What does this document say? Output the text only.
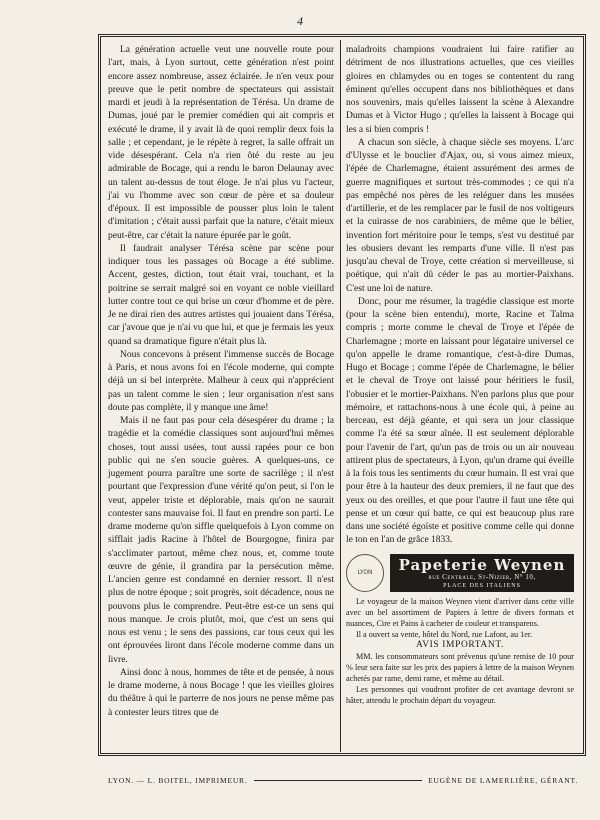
4

La génération actuelle veut une nouvelle route pour l'art, mais, à Lyon surtout, cette génération n'est point encore assez nombreuse, assez éclairée. Je n'en veux pour preuve que le petit nombre de spectateurs qui assistait mardi et jeudi à la représentation de Térésa. Un drame de Dumas, joué par le premier comédien qui ait compris et exécuté le drame, il y avait là de quoi remplir deux fois la salle ; et cependant, je le répète à regret, la salle offrait un vide désespérant. Cela n'a rien ôté du reste au jeu admirable de Bocage, qui a rendu le baron Delaunay avec un talent au-dessus de tout éloge. Je n'ai plus vu l'acteur, j'ai vu l'homme avec son cœur de père et sa douleur d'époux. Il est impossible de pousser plus loin le talent d'imitation ; c'était aussi parfait que la nature, c'était mieux peut-être, car c'était la nature épurée par le goût.

Il faudrait analyser Térésa scène par scène pour indiquer tous les passages où Bocage a été sublime. Accent, gestes, diction, tout était vrai, touchant, et la poitrine se serrait malgré soi en voyant ce noble vieillard lutter contre tout ce qui brise un cœur d'homme et de père. Je ne dirai rien des autres artistes qui jouaient dans Térésa, car j'avoue que je n'ai vu que lui, et que je fermais les yeux quand sa dramatique figure n'était plus là.

Nous concevons à présent l'immense succès de Bocage à Paris, et nous avons foi en l'école moderne, qui compte déjà un si bel interprète. Malheur à ceux qui n'apprécient pas un talent comme le sien ; leur organisation n'est sans doute pas complète, il y manque une âme!

Mais il ne faut pas pour cela désespérer du drame ; la tragédie et la comédie classiques sont aujourd'hui mêmes choses, tout aussi usées, tout aussi rapées pour ce bon public qui ne s'en soucie guères. A quelques-uns, ce jugement pourra paraître une sorte de sacrilège ; il n'est pourtant que l'expression d'une vérité qu'on peut, si l'on le veut, appeler triste et déplorable, mais qu'on ne saurait contester sans mauvaise foi. Il faut en prendre son parti. Le drame moderne qu'on siffle quelquefois à Lyon comme on sifflait jadis Racine à l'hôtel de Bourgogne, finira par s'acclimater partout, même chez nous, et, comme toute œuvre de génie, il grandira par la persécution même. L'ancien genre est condamné en dernier ressort. Il n'est plus de notre époque ; soit progrès, soit décadence, nous ne pouvons plus le comprendre. Peut-être est-ce un sens qui nous manque. Je crois plutôt, moi, que c'est un sens qui nous est venu ; le sens des passions, car tous ceux qui les ont éprouvées liront dans l'école moderne comme dans un livre.

Ainsi donc à nous, hommes de tête et de pensée, à nous le drame moderne, à nous Bocage ! que les vieilles gloires du théâtre à qui le parterre de nos jours ne pense même pas à contester leurs titres que de

maladroits champions voudraient lui faire ratifier au détriment de nos illustrations actuelles, que ces vieilles gloires en chlamydes ou en toges se contentent du rang éminent qu'elles occupent dans nos bibliothèques et dans nos souvenirs, mais qu'elles laissent la scène à Alexandre Dumas et à Victor Hugo ; qu'elles la laissent à Bocage qui les a si bien compris !

A chacun son siècle, à chaque siècle ses moyens. L'arc d'Ulysse et le bouclier d'Ajax, ou, si vous aimez mieux, l'épée de Charlemagne, étaient assurément des armes de guerre magnifiques et surtout très-commodes ; ce qui n'a pas empêché nos pères de les reléguer dans les musées d'artillerie, et de les remplacer par le fusil de nos voltigeurs et la cuirasse de nos carabiniers, de même que le bélier, invention fort méritoire pour le temps, s'est vu destitué par les obusiers devant les remparts d'une ville. Il n'est pas jusqu'au cheval de Troye, cette création si merveilleuse, si poétique, qui n'ait dû céder le pas au mortier-Paixhans. C'est une loi de nature.

Donc, pour me résumer, la tragédie classique est morte (pour la scène bien entendu), morte, Racine et Talma compris ; morte comme le cheval de Troye et l'épée de Charlemagne ; morte en laissant pour légataire universel ce qu'on appelle le drame romantique, c'est-à-dire Dumas, Hugo et Bocage ; comme l'épée de Charlemagne, le bélier et le cheval de Troye ont laissé pour héritiers le fusil, l'obusier et le mortier-Paixhans. N'en parlons plus que pour mémoire, et rattachons-nous à une école qui, à peine au berceau, est déjà géante, et qui sera un jour classique comme l'a été sa sœur aînée. Il est seulement déplorable pour l'avenir de l'art, qu'un pas de trois ou un air nouveau attirent plus de spectateurs, à Lyon, qu'un drame qui éveille à la fois tous les sentiments du cœur humain. Il est vrai que pour être à la hauteur des deux premiers, il ne faut que des yeux ou des oreilles, et que pour l'autre il faut une tête qui pense et un cœur qui batte, ce qui est beaucoup plus rare dans une société égoïste et positive comme celle qui donne le ton en l'an de grâce 1833.

LYON	Papeterie Weynen
rue Centrale, St-Nizier, N° 10,
PLACE DES ITALIENS

Le voyageur de la maison Weynen vient d'arriver dans cette ville avec un bel assortiment de Papiers à lettre de divers formats et nuances, Cire et Pains à cacheter de couleur et transparens.

Il a ouvert sa vente, hôtel du Nord, rue Lafont, au 1er.

AVIS IMPORTANT.

MM. les consommateurs sont prévenus qu'une remise de 10 pour % leur sera faite sur les prix des papiers à lettre de la maison Weynen achetés par rame, demi rame, et même au détail.

Les personnes qui voudront profiter de cet avantage devront se hâter, attendu le prochain départ du voyageur.

LYON. — L. BOITEL, IMPRIMEUR.	EUGÈNE DE LAMERLIÈRE, GÉRANT.
